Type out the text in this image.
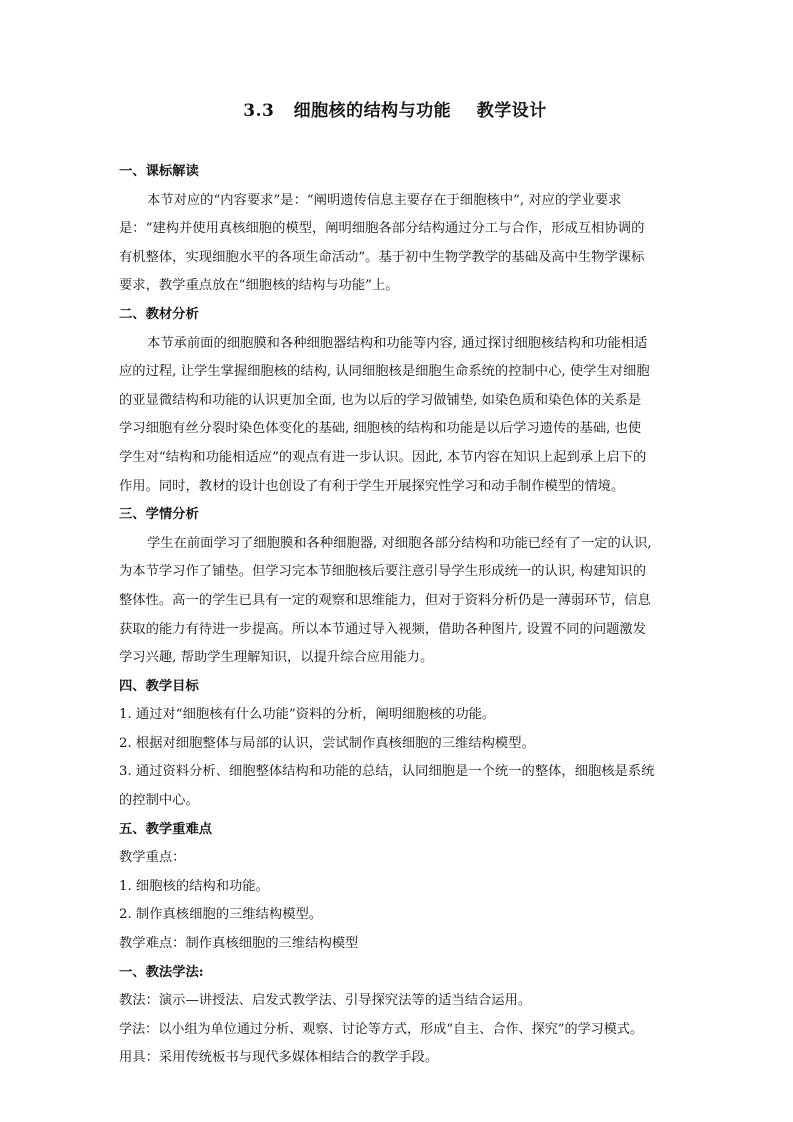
3.3   细胞核的结构与功能    教学设计
一、课标解读
本节对应的“内容要求”是：“阐明遗传信息主要存在于细胞核中”, 对应的学业要求
是：“建构并使用真核细胞的模型，阐明细胞各部分结构通过分工与合作，形成互相协调的
有机整体，实现细胞水平的各项生命活动”。基于初中生物学教学的基础及高中生物学课标
要求，教学重点放在“细胞核的结构与功能”上。
二、教材分析
本节承前面的细胞膜和各种细胞器结构和功能等内容, 通过探讨细胞核结构和功能相适
应的过程, 让学生掌握细胞核的结构, 认同细胞核是细胞生命系统的控制中心, 使学生对细胞
的亚显微结构和功能的认识更加全面, 也为以后的学习做铺垫, 如染色质和染色体的关系是
学习细胞有丝分裂时染色体变化的基础, 细胞核的结构和功能是以后学习遗传的基础, 也使
学生对“结构和功能相适应”的观点有进一步认识。因此, 本节内容在知识上起到承上启下的
作用。同时，教材的设计也创设了有利于学生开展探究性学习和动手制作模型的情境。
三、学情分析
学生在前面学习了细胞膜和各种细胞器, 对细胞各部分结构和功能已经有了一定的认识,
为本节学习作了铺垫。但学习完本节细胞核后要注意引导学生形成统一的认识, 构建知识的
整体性。高一的学生已具有一定的观察和思维能力，但对于资料分析仍是一薄弱环节，信息
获取的能力有待进一步提高。所以本节通过导入视频，借助各种图片, 设置不同的问题激发
学习兴趣, 帮助学生理解知识，以提升综合应用能力。
四、教学目标
1. 通过对“细胞核有什么功能”资料的分析，阐明细胞核的功能。
2. 根据对细胞整体与局部的认识，尝试制作真核细胞的三维结构模型。
3. 通过资料分析、细胞整体结构和功能的总结，认同细胞是一个统一的整体，细胞核是系统
的控制中心。
五、教学重难点
教学重点：
1. 细胞核的结构和功能。
2. 制作真核细胞的三维结构模型。
教学难点：制作真核细胞的三维结构模型
一、教法学法:
教法：演示—讲授法、启发式教学法、引导探究法等的适当结合运用。
学法：以小组为单位通过分析、观察、讨论等方式，形成“自主、合作、探究”的学习模式。
用具：采用传统板书与现代多媒体相结合的教学手段。
